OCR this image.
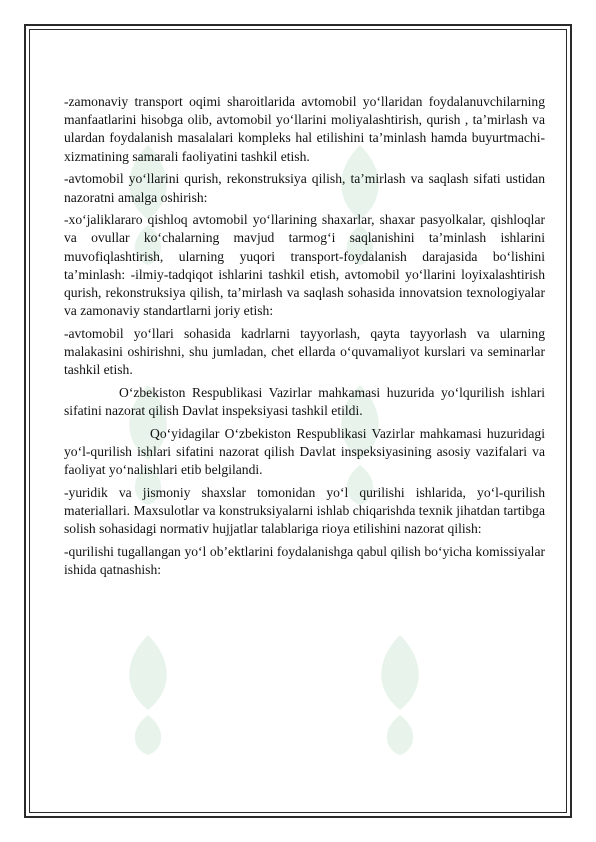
-zamonaviy transport oqimi sharoitlarida avtomobil yo‘llaridan foydalanuvchilarning manfaatlarini hisobga olib, avtomobil yo‘llarini moliyalashtirish, qurish , ta’mirlash va ulardan foydalanish masalalari kompleks hal etilishini ta’minlash hamda buyurtmachi-xizmatining samarali faoliyatini tashkil etish.

-avtomobil yo‘llarini qurish, rekonstruksiya qilish, ta’mirlash va saqlash sifati ustidan nazoratni amalga oshirish:

-xo‘jaliklararo qishloq avtomobil yo‘llarining shaxarlar, shaxar pasyolkalar, qishloqlar va ovullar ko‘chalarning mavjud tarmog‘i saqlanishini ta’minlash ishlarini muvofiqlashtirish, ularning yuqori transport-foydalanish darajasida bo‘lishini ta’minlash: -ilmiy-tadqiqot ishlarini tashkil etish, avtomobil yo‘llarini loyixalashtirish qurish, rekonstruksiya qilish, ta’mirlash va saqlash sohasida innovatsion texnologiyalar va zamonaviy standartlarni joriy etish:

-avtomobil yo‘llari sohasida kadrlarni tayyorlash, qayta tayyorlash va ularning malakasini oshirishni, shu jumladan, chet ellarda o‘quvamaliyot kurslari va seminarlar tashkil etish.

O‘zbekiston Respublikasi Vazirlar mahkamasi huzurida yo‘lqurilish ishlari sifatini nazorat qilish Davlat inspeksiyasi tashkil etildi.

Qo‘yidagilar O‘zbekiston Respublikasi Vazirlar mahkamasi huzuridagi yo‘l-qurilish ishlari sifatini nazorat qilish Davlat inspeksiyasining asosiy vazifalari va faoliyat yo‘nalishlari etib belgilandi.

-yuridik va jismoniy shaxslar tomonidan yo‘l qurilishi ishlarida, yo‘l-qurilish materiallari. Maxsulotlar va konstruksiyalarni ishlab chiqarishda texnik jihatdan tartibga solish sohasidagi normativ hujjatlar talablariga rioya etilishini nazorat qilish:

-qurilishi tugallangan yo‘l ob’ektlarini foydalanishga qabul qilish bo‘yicha komissiyalar ishida qatnashish:
